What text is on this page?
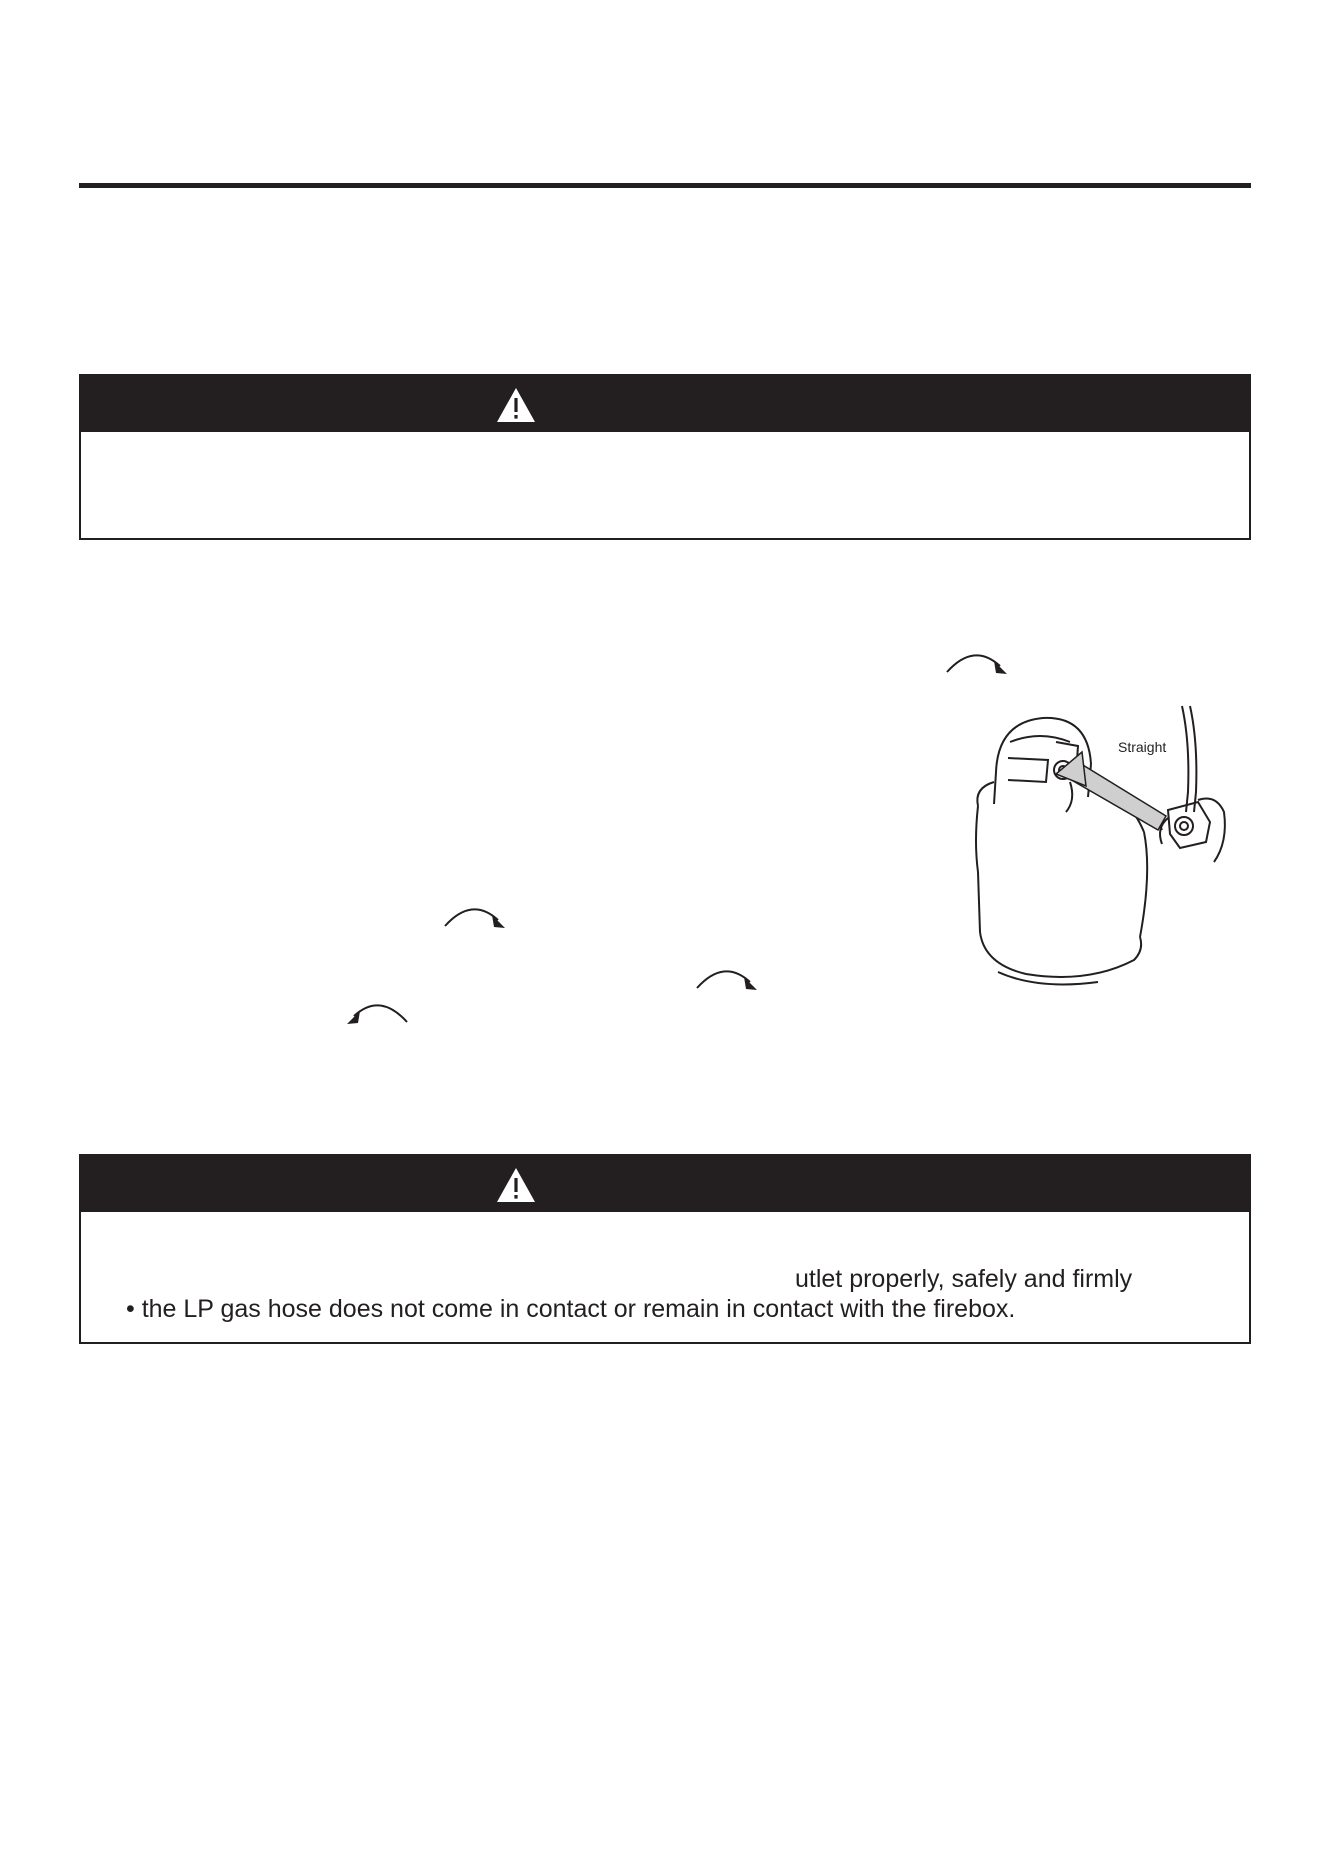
Straight
utlet properly, safely and firmly
• the LP gas hose does not come in contact or remain in contact with the firebox.
